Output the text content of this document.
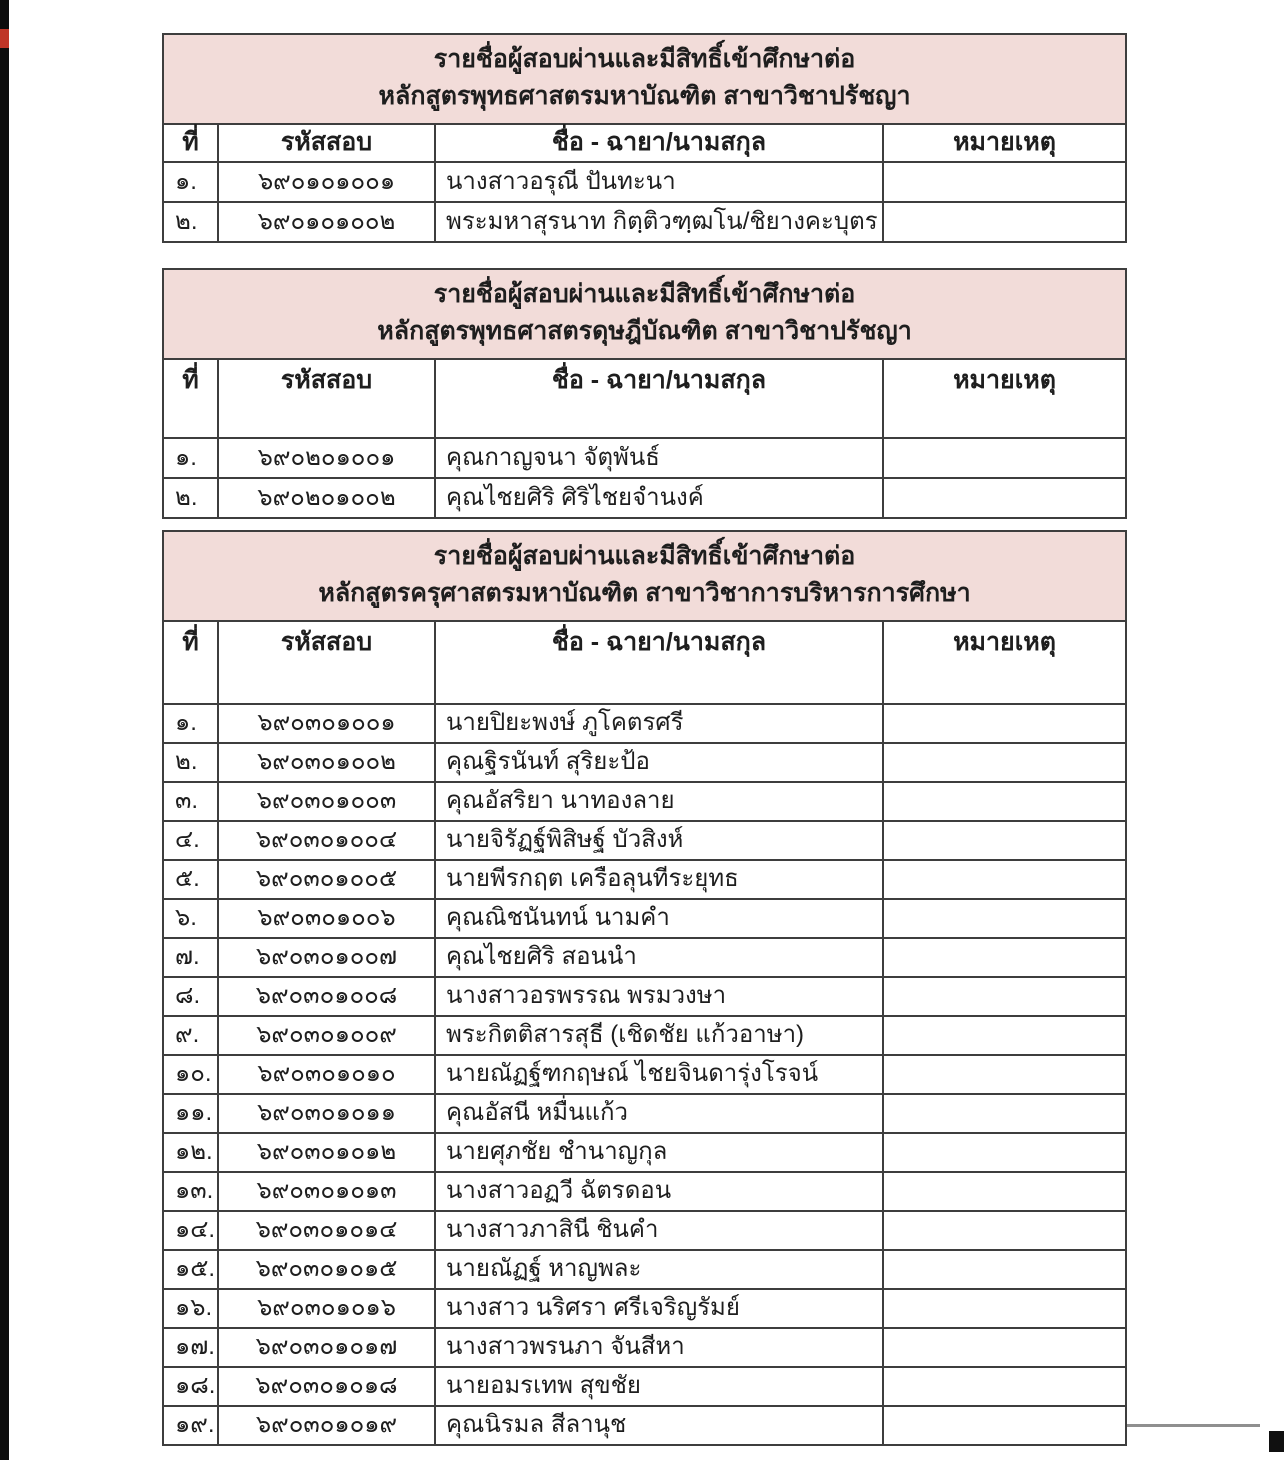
รายชื่อผู้สอบผ่านและมีสิทธิ์เข้าศึกษาต่อ
หลักสูตรพุทธศาสตรมหาบัณฑิต สาขาวิชาปรัชญา			

ที่	รหัสสอบ	ชื่อ - ฉายา/นามสกุล	หมายเหตุ
๑.	๖๙๐๑๐๑๐๐๑	นางสาวอรุณี ปันทะนา	
๒.	๖๙๐๑๐๑๐๐๒	พระมหาสุรนาท กิตฺติวฑฺฒโน/ชิยางคะบุตร	
รายชื่อผู้สอบผ่านและมีสิทธิ์เข้าศึกษาต่อ
หลักสูตรพุทธศาสตรดุษฎีบัณฑิต สาขาวิชาปรัชญา			

ที่	รหัสสอบ	ชื่อ - ฉายา/นามสกุล	หมายเหตุ
๑.	๖๙๐๒๐๑๐๐๑	คุณกาญจนา จัตุพันธ์	
๒.	๖๙๐๒๐๑๐๐๒	คุณไชยศิริ ศิริไชยจำนงค์	
รายชื่อผู้สอบผ่านและมีสิทธิ์เข้าศึกษาต่อ
หลักสูตรครุศาสตรมหาบัณฑิต สาขาวิชาการบริหารการศึกษา			

ที่	รหัสสอบ	ชื่อ - ฉายา/นามสกุล	หมายเหตุ
๑.	๖๙๐๓๐๑๐๐๑	นายปิยะพงษ์ ภูโคตรศรี	
๒.	๖๙๐๓๐๑๐๐๒	คุณฐิรนันท์ สุริยะป้อ	
๓.	๖๙๐๓๐๑๐๐๓	คุณอัสริยา นาทองลาย	
๔.	๖๙๐๓๐๑๐๐๔	นายจิรัฏฐ์พิสิษฐ์ บัวสิงห์	
๕.	๖๙๐๓๐๑๐๐๕	นายพีรกฤต เครือลุนทีระยุทธ	
๖.	๖๙๐๓๐๑๐๐๖	คุณณิชนันทน์ นามคำ	
๗.	๖๙๐๓๐๑๐๐๗	คุณไชยศิริ สอนนำ	
๘.	๖๙๐๓๐๑๐๐๘	นางสาวอรพรรณ พรมวงษา	
๙.	๖๙๐๓๐๑๐๐๙	พระกิตติสารสุธี (เชิดชัย แก้วอาษา)	
๑๐.	๖๙๐๓๐๑๐๑๐	นายณัฏฐ์ฑกฤษณ์ ไชยจินดารุ่งโรจน์	
๑๑.	๖๙๐๓๐๑๐๑๑	คุณอัสนี หมื่นแก้ว	
๑๒.	๖๙๐๓๐๑๐๑๒	นายศุภชัย ชำนาญกุล	
๑๓.	๖๙๐๓๐๑๐๑๓	นางสาวอฏวี ฉัตรดอน	
๑๔.	๖๙๐๓๐๑๐๑๔	นางสาวภาสินี ชินคำ	
๑๕.	๖๙๐๓๐๑๐๑๕	นายณัฏฐ์ หาญพละ	
๑๖.	๖๙๐๓๐๑๐๑๖	นางสาว นริศรา ศรีเจริญรัมย์	
๑๗.	๖๙๐๓๐๑๐๑๗	นางสาวพรนภา จันสีหา	
๑๘.	๖๙๐๓๐๑๐๑๘	นายอมรเทพ สุขชัย	
๑๙.	๖๙๐๓๐๑๐๑๙	คุณนิรมล สีลานุช	
